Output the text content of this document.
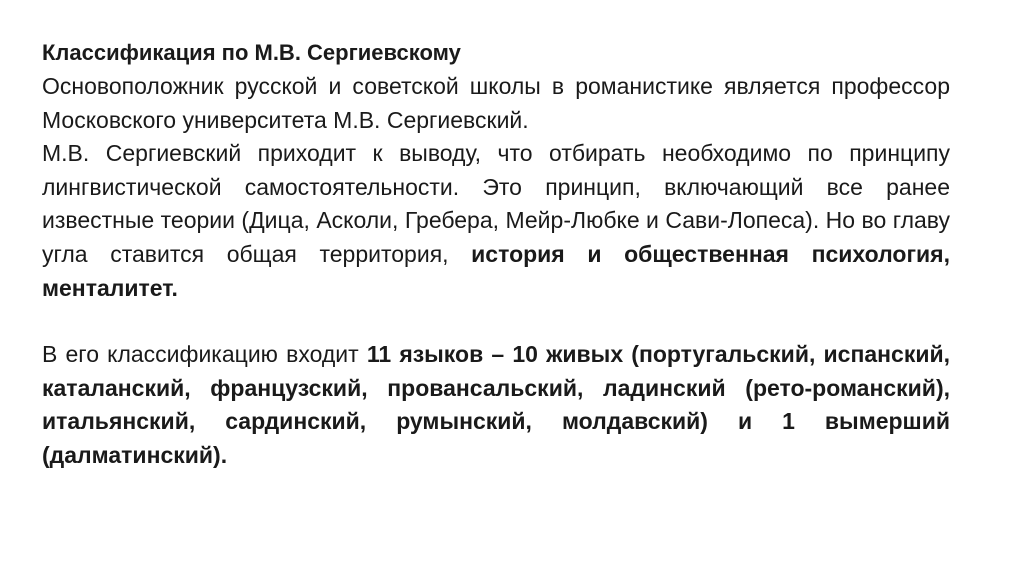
Классификация по М.В. Сергиевскому

Основоположник русской и советской школы в романистике является профессор Московского университета М.В. Сергиевский.

М.В. Сергиевский приходит к выводу, что отбирать необходимо по принципу лингвистической самостоятельности. Это принцип, включающий все ранее известные теории (Дица, Асколи, Гребера, Мейр-Любке и Сави-Лопеса). Но во главу угла ставится общая территория, история и общественная психология, менталитет.

В его классификацию входит 11 языков – 10 живых (португальский, испанский, каталанский, французский, провансальский, ладинский (рето-романский), итальянский, сардинский, румынский, молдавский) и 1 вымерший (далматинский).
